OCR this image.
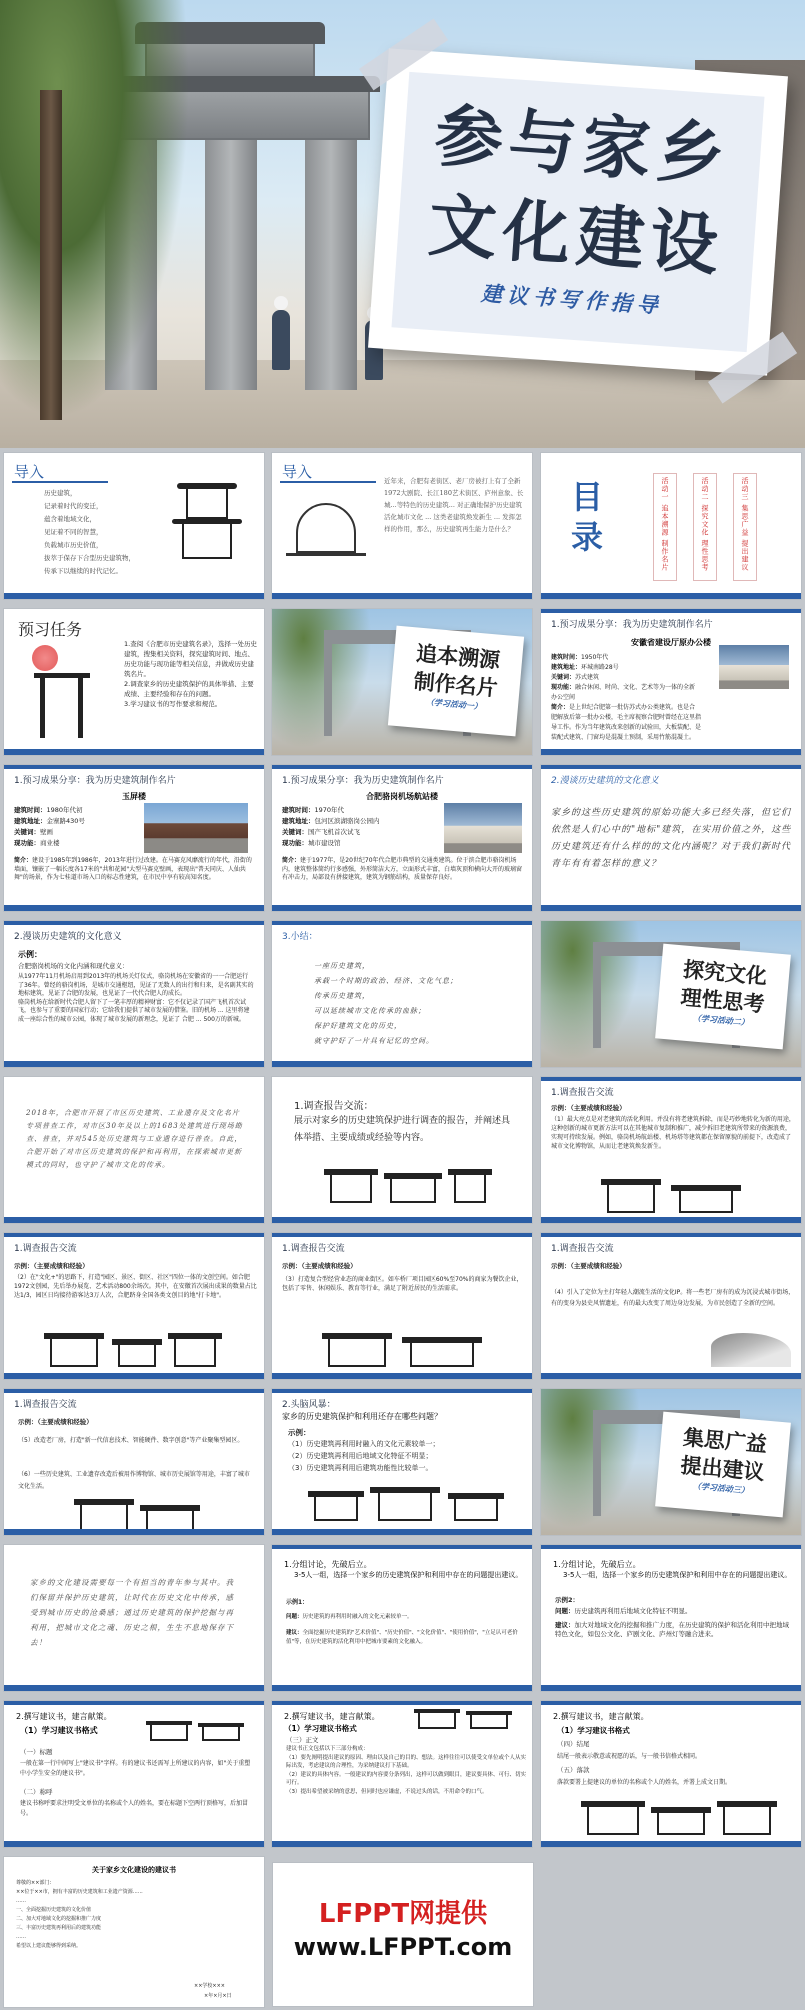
参与家乡
文化建设
建议书写作指导
导入
历史建筑，
记录着时代的变迁，
蕴含着地域文化，
见证着不同的智慧，
负载城市历史价值，
拔萃于保存下合型历史建筑物，
传承下以继续的时代记忆。
导入	近年来，合肥有老街区、老厂房被打上有了全新1972大剧院、长江180艺术街区、庐州意象、长城...等特色的历史建筑... 对正确地保护历史建筑活化城市文化 ... 这类老建筑焕发新生 ... 发挥怎样的作用，那么，历史建筑再生能力是什么？
目录	活动一 追本溯源 制作名片	活动二 探究文化 理性思考	活动三 集思广益 提出建议
预习任务
1.查阅《合肥市历史建筑名录》，选择一处历史建筑，搜集相关资料，探究建筑时间、地点、历史功能与现功能等相关信息，并做成历史建筑名片。
2.调查家乡的历史建筑保护的具体举措、主要成绩、主要经验和存在的问题。
3.学习建议书的写作要求和规范。
追本溯源
制作名片
（学习活动一）
1.预习成果分享：我为历史建筑制作名片
安徽省建设厅原办公楼
建筑时间：1950年代
建筑地址：环城南路28号
关键词：苏式建筑
现功能：融合休闲、时尚、文化、艺术等为一体的全新办公空间
简介：是上世纪合肥第一批仿苏式办公类建筑。也是合肥解放后第一批办公楼，毛主席视察合肥时曾经在这里指导工作。作为当年建筑改来创新的试验田，大板装配、是装配式建筑、门窗均是混凝土预制，采用竹筋混凝土。
1.预习成果分享：我为历史建筑制作名片
玉屏楼
建筑时间：1980年代初
建筑地址：金寨路430号
关键词：壁画
现功能：商业楼
简介：建设于1985年到1986年，2013年进行过改建。在马赛克风靡流行的年代，沿街的墙面，镶嵌了一幅长度各17米的"共和花园"大型马赛克壁画，表现出"普天同庆、人仙共舞"的场景，作为七桂道市场入口的标志性建筑，在市民中享有较高知名度。
1.预习成果分享：我为历史建筑制作名片
合肥骆岗机场航站楼
建筑时间：1970年代
建筑地址：包河区滨湖骆岗公园内
关键词：国产飞机首次试飞
现功能：城市建设馆
简介：建于1977年，是20世纪70年代合肥市典型的交通类建筑。位于滨合肥市骆岗机场内，建筑整体简约行多感强，外形简洁大方，立面形式丰富，白墙灰顶和横向大开的玻璃窗有冲击力，局部设有拼接建筑，建筑为钢筋结构，质量保存良好。
2.漫谈历史建筑的文化意义
家乡的这些历史建筑的原始功能大多已经失落，但它们依然是人们心中的"地标"建筑，在实用价值之外，这些历史建筑还有什么样的的文化内涵呢？对于我们新时代青年有有着怎样的意义？
2.漫谈历史建筑的文化意义
示例：
合肥骆岗机场的文化内涵和现代意义：
从1977年11月机场启用到2013年的机场关灯仪式，骆岗机场在安徽省的一一合肥运行了36年。曾经的骆岗机场，是城市交通枢纽，见证了无数人的出行和归来，是名副其实的地标建筑，见证了合肥的发展，也见证了一代代合肥人的成长。
骆岗机场在给新时代合肥人留下了一笔丰厚的精神财富：它不仅记录了国产飞机首次试飞，也参与了重要的国家行动；它给我们提供了城市发展的借鉴。旧的机场 ... 这里将建成一座综合性的城市公园，体现了城市发展的新理念，见证了 合肥 ... 500万的新城。
3.小结：
一座历史建筑，
承载一个时期的政治、经济、文化气息；
传承历史建筑，
可以延续城市文化传承的血脉；
保护好建筑文化的历史，
就守护好了一片具有记忆的空间。
探究文化
理性思考
（学习活动二）
2018年，合肥市开展了市区历史建筑、工业遗存及文化名片专项普查工作，对市区30年及以上的1683处建筑进行现场勘查、普查，并对545处历史建筑与工业遗存进行普查。自此，合肥开始了对市区历史建筑的保护和再利用，在探索城市更新模式的同时，也守护了城市文化的传承。
1.调查报告交流：
展示对家乡的历史建筑保护进行调查的报告，并阐述具体举措、主要成绩或经验等内容。
1.调查报告交流
示例：（主要成绩和经验）
（1）最大亮点是对老建筑的活化利用。并没有将老建筑拆除，而是巧妙地转化为新的用途，这种创新的城市更新方法可以在其他城市复制和推广，减少拆旧老建筑所带来的资源浪费，实现可持续发展。例如，骆岗机场航站楼、机场塔等建筑都在保留原貌的前提下，改造成了城市文化博物馆，从而让老建筑焕发新生。
1.调查报告交流
示例：（主要成绩和经验）
（2）在"文化+"的思路下，打造"园区、景区、街区、社区"四位一体的文创空间。如合肥1972文创园，先后举办展览、艺术活动800余场次。其中，在安徽首次展出成果的数量占比达1/3，园区日均接待游客达3万人次，合肥跻身全国各类文创目的地"打卡地"。
1.调查报告交流
示例：（主要成绩和经验）
（3）打造复合型经营业态的商业街区。如车桥厂项目园区60%至70%的商家为餐饮企业，包括了零售、休闲娱乐、教育等行业，满足了附近居民的生活需求。
1.调查报告交流
示例：（主要成绩和经验）
（4）引入了定位为主打年轻人潮流生活的文化IP。将一些老厂房有的成为沉浸式城市街场，有的变身为县史风情遗址，有的最大改变了周边身边发展，为市民创造了全新的空间。
1.调查报告交流
示例：（主要成绩和经验）
（5）改造老厂房，打造"新一代信息技术、智能硬件、数字创意"等产业聚集型园区。
（6）一些历史建筑、工业遗存改造后被用作博物馆、城市历史展馆等用途，丰富了城市文化生活。
2.头脑风暴：
家乡的历史建筑保护和利用还存在哪些问题？
示例：
（1）历史建筑再利用时融入的文化元素较单一；
（2）历史建筑再利用后地域文化特征不明显；
（3）历史建筑再利用后建筑功能性比较单一。
集思广益
提出建议
（学习活动三）
家乡的文化建设需要每一个有担当的青年参与其中。我们保留并保护历史建筑，让时代在历史文化中传承，感受到城市历史的沧桑感；通过历史建筑的保护挖掘与再利用，把城市文化之魂、历史之根，生生不息地保存下去！
1.分组讨论，先破后立。
3-5人一组，选择一个家乡的历史建筑保护和利用中存在的问题提出建议。
示例1：
问题：历史建筑的再利用时融入的文化元素较单一。
建议：全面挖掘历史建筑的"艺术价值"、"历史价值"、"文化价值"、"使用价值"，"立足认可老价值"等，在历史建筑的活化利用中把城市要素的文化融入。
1.分组讨论，先破后立。
3-5人一组，选择一个家乡的历史建筑保护和利用中存在的问题提出建议。
示例2：
问题：历史建筑再利用后地域文化特征不明显。
建议：加大对地域文化的挖掘和推广力度，在历史建筑的保护和活化利用中把地域特色文化，如包公文化、庐剧文化、庐州灯等融合进来。
2.撰写建议书，建言献策。
（1）学习建议书格式
（一）标题
一般在第一行中间写上"建议书"字样。有的建议书还需写上所建议的内容，如"关于重塑中小学生安全的建议书"。
（二）称呼
建议书称呼要求注明受文单位的名称或个人的姓名，要在标题下空两行顶格写，后加冒号。
2.撰写建议书，建言献策。
（1）学习建议书格式
（三）正文
建议书正文包括以下三部分构成：
（1）要先阐明提出建议的原因、理由以及自己的目的、想法。这样往往可以使受文单位或个人从实际出发，考虑建议的合理性，为采纳建议打下基础。
（2）建议的具体内容。一般建议的内容要分条列出，这样可以做到眼目，建议要具体、可行、切实可行。
（3）提出希望被采纳的意思，但同时也应谦虚，不说过头的话，不用命令的口气。
2.撰写建议书，建言献策。
（1）学习建议书格式
（四）结尾
结尾一般表示敬意或祝愿的话，与一般书信格式相同。
（五）落款
落款要署上提建议的单位的名称或个人的姓名，并署上成文日期。
关于家乡文化建设的建议书
尊敬的××部门：
××位于××市，拥有丰富的历史建筑和工业遗产资源……
……
一、全面挖掘历史建筑的文化价值
二、加大对地域文化的挖掘和推广力度
三、丰富历史建筑再利用后的建筑功能
……
希望以上建议能够得到采纳。
××学校×××
×年×月×日
LFPPT网提供
www.LFPPT.com
